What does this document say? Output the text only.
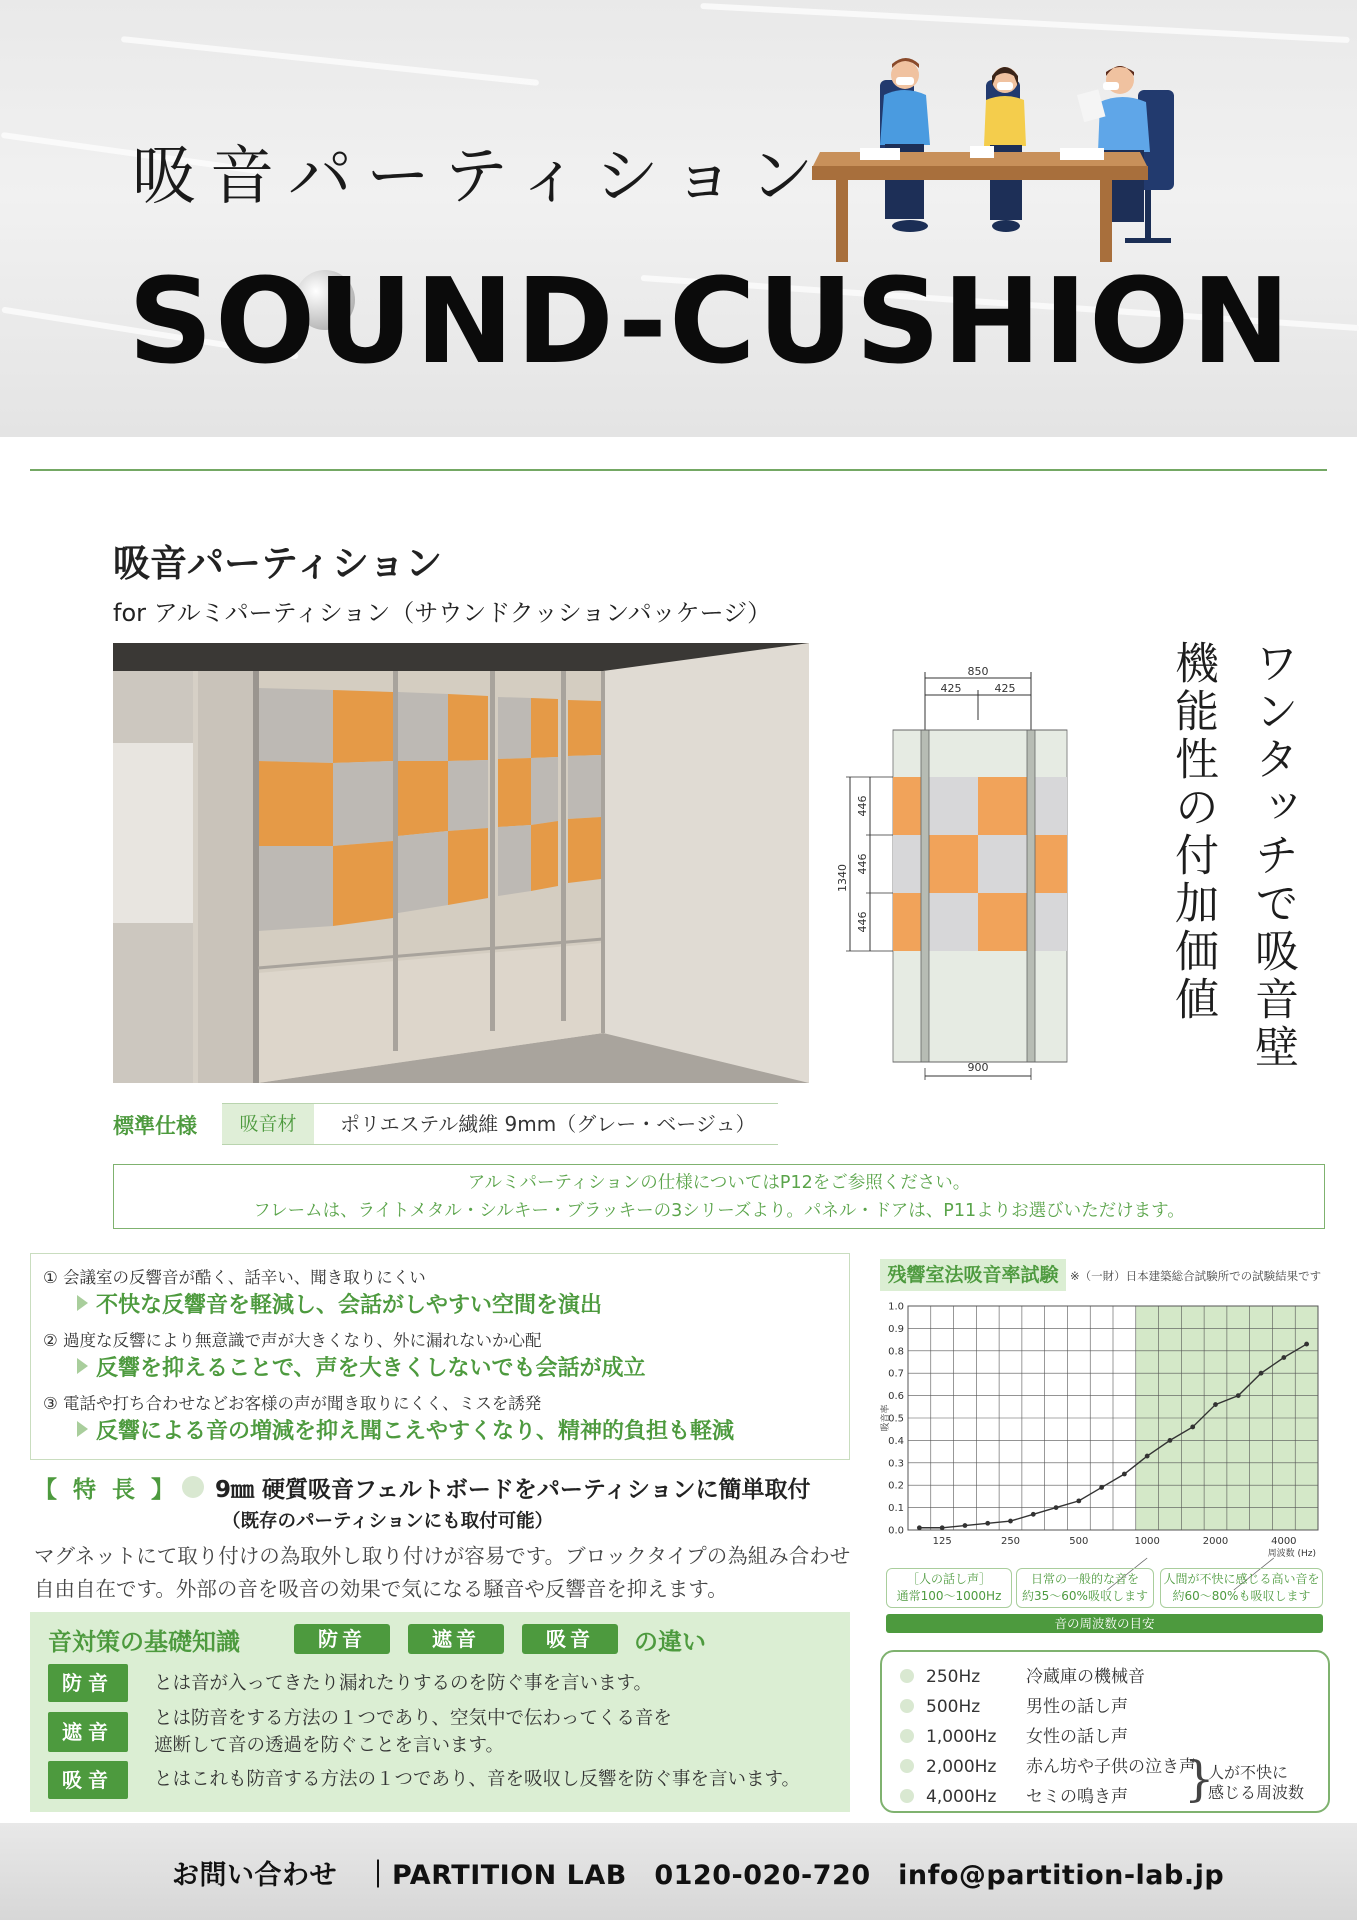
吸音パーティション
SOUND-CUSHION
吸音パーティション
for アルミパーティション（サウンドクッションパッケージ）
850
425	425
1340
446
446
446
900	ワンタッチで吸音壁
機能性の付加価値
標準仕様	吸音材	ポリエステル繊維 9mm（グレー・ベージュ）
アルミパーティションの仕様についてはP12をご参照ください。
フレームは、ライトメタル・シルキー・ブラッキーの3シリーズより。パネル・ドアは、P11よりお選びいただけます。
① 会議室の反響音が酷く、話辛い、聞き取りにくい
不快な反響音を軽減し、会話がしやすい空間を演出
② 過度な反響により無意識で声が大きくなり、外に漏れないか心配
反響を抑えることで、声を大きくしないでも会話が成立
③ 電話や打ち合わせなどお客様の声が聞き取りにくく、ミスを誘発
反響による音の増減を抑え聞こえやすくなり、精神的負担も軽減
【 特 長 】 9㎜ 硬質吸音フェルトボードをパーティションに簡単取付
（既存のパーティションにも取付可能）
マグネットにて取り付けの為取外し取り付けが容易です。ブロックタイプの為組み合わせ自由自在です。外部の音を吸音の効果で気になる騒音や反響音を抑えます。
音対策の基礎知識	防音	遮音	吸音	の違い
防音	とは音が入ってきたり漏れたりするのを防ぐ事を言います。
遮音
とは防音をする方法の１つであり、空気中で伝わってくる音を
遮断して音の透過を防ぐことを言います。
吸音	とはこれも防音する方法の１つであり、音を吸収し反響を防ぐ事を言います。
残響室法吸音率試験	※（一財）日本建築総合試験所での試験結果です
0.0
0.1
0.2
0.3
0.4
0.5
0.6
0.7
0.8
0.9
1.0
吸音率
125	250	500	1000	2000	4000
周波数 (Hz)
［人の話し声］
通常100〜1000Hz
日常の一般的な音を
約35〜60%吸収します
人間が不快に感じる高い音を
約60〜80%も吸収します
音の周波数の目安
250Hz	冷蔵庫の機械音
500Hz	男性の話し声
1,000Hz 女性の話し声
2,000Hz 赤ん坊や子供の泣き声
4,000Hz セミの鳴き声 }
人が不快に
感じる周波数
お問い合わせ　｜PARTITION LAB　0120-020-720　info@partition-lab.jp
